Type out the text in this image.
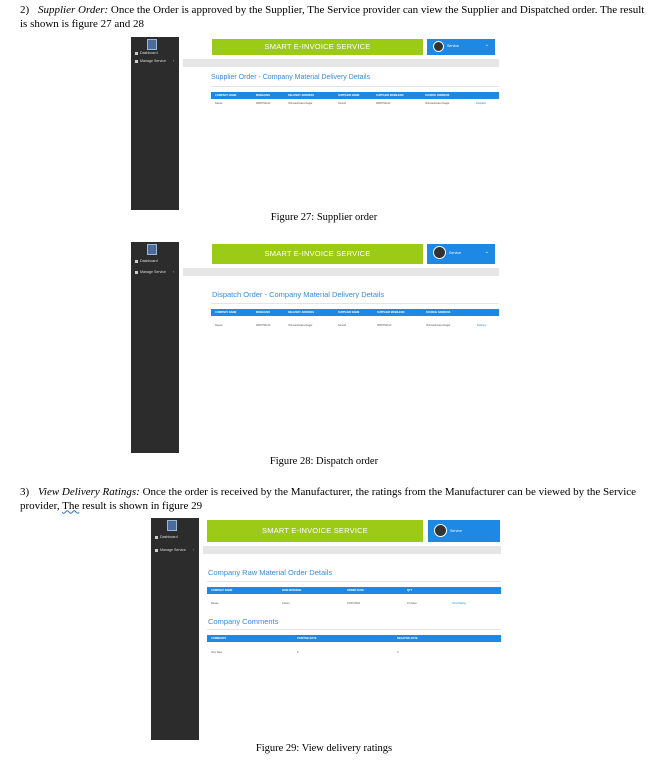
2) Supplier Order: Once the Order is approved by the Supplier, The Service provider can view the Supplier and Dispatched order. The result is shown is figure 27 and 28
Dashboard
Manage Service ›
SMART E-INVOICE SERVICE	Service	⌄
Supplier Order - Company Material Delivery Details
COMPANY NAME	MOBILENO	DELIVERY ADDRESS	SUPPLIER NAME	SUPPLIER MOBILENO	SOURCE ADDRESS
Reese	9666752142	Vishweshwara Nagar	Suresh	9666752142	Vishweshwara Nagar	Dispatch
Figure 27: Supplier order
Dashboard
Manage Service ›
SMART E-INVOICE SERVICE	Service	⌄
Dispatch Order - Company Material Delivery Details
COMPANY NAME	MOBILENO	DELIVERY ADDRESS	SUPPLIER NAME	SUPPLIER MOBILENO	SOURCE ADDRESS
Reese	9666752142	Vishweshwara Nagar	Suresh	9666752142	Vishweshwara Nagar	Delivery
Figure 28: Dispatch order
3) View Delivery Ratings: Once the order is received by the Manufacturer, the ratings from the Manufacturer can be viewed by the Service provider, The result is shown in figure 29
Dashboard
Manage Service ›
SMART E-INVOICE SERVICE	Service
Company Raw Material Order Details
COMPANY NAME	RAW MATERIAL	ORDER DATE	QTY
Reese	Cotton	15/07/2022	10 bales	View Rating
Company Comments
COMMENTS	POSITIVE RATE	NEGATIVE RATE
Very Nice	5	0
Figure 29: View delivery ratings
